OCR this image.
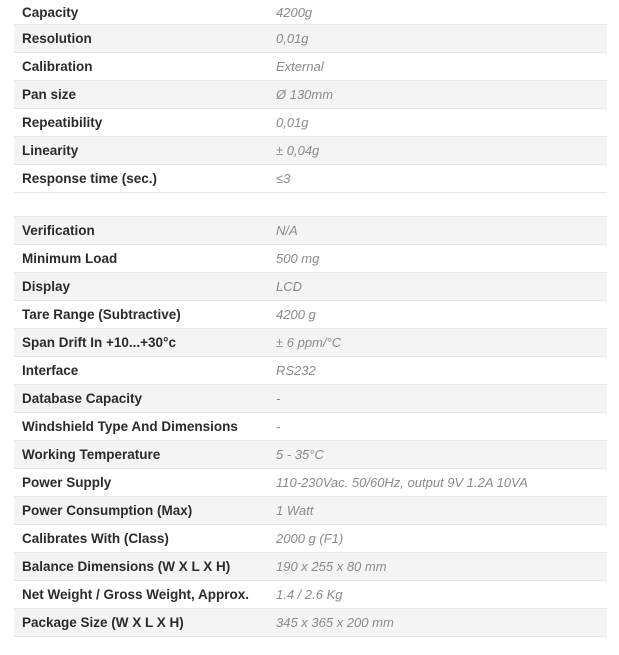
Capacity	4200g
Resolution	0,01g
Calibration	External
Pan size	Ø 130mm
Repeatibility	0,01g
Linearity	± 0,04g
Response time (sec.)	≤3
Verification	N/A
Minimum Load	500 mg
Display	LCD
Tare Range (Subtractive)	4200 g
Span Drift In +10...+30°c	± 6 ppm/°C
Interface	RS232
Database Capacity	-
Windshield Type And Dimensions	-
Working Temperature	5 - 35°C
Power Supply	110-230Vac. 50/60Hz, output 9V 1.2A 10VA
Power Consumption (Max)	1 Watt
Calibrates With (Class)	2000 g (F1)
Balance Dimensions (W X L X H)	190 x 255 x 80 mm
Net Weight / Gross Weight, Approx.	1.4 / 2.6 Kg
Package Size (W X L X H)	345 x 365 x 200 mm
